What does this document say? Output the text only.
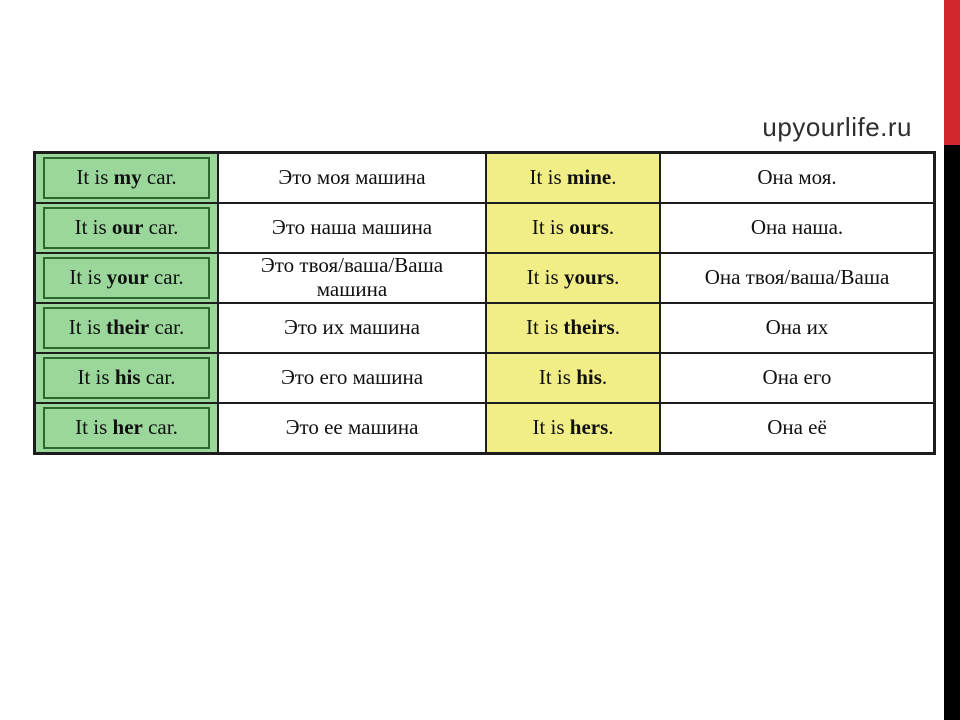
upyourlife.ru
It is my car.	Это моя машина	It is mine.	Она моя.

It is our car.	Это наша машина	It is ours.	Она наша.

It is your car.	Это твоя/ваша/Ваша машина	It is yours.	Она твоя/ваша/Ваша

It is their car.	Это их машина	It is theirs.	Она их

It is his car.	Это его машина	It is his.	Она его

It is her car.	Это ее машина	It is hers.	Она её
